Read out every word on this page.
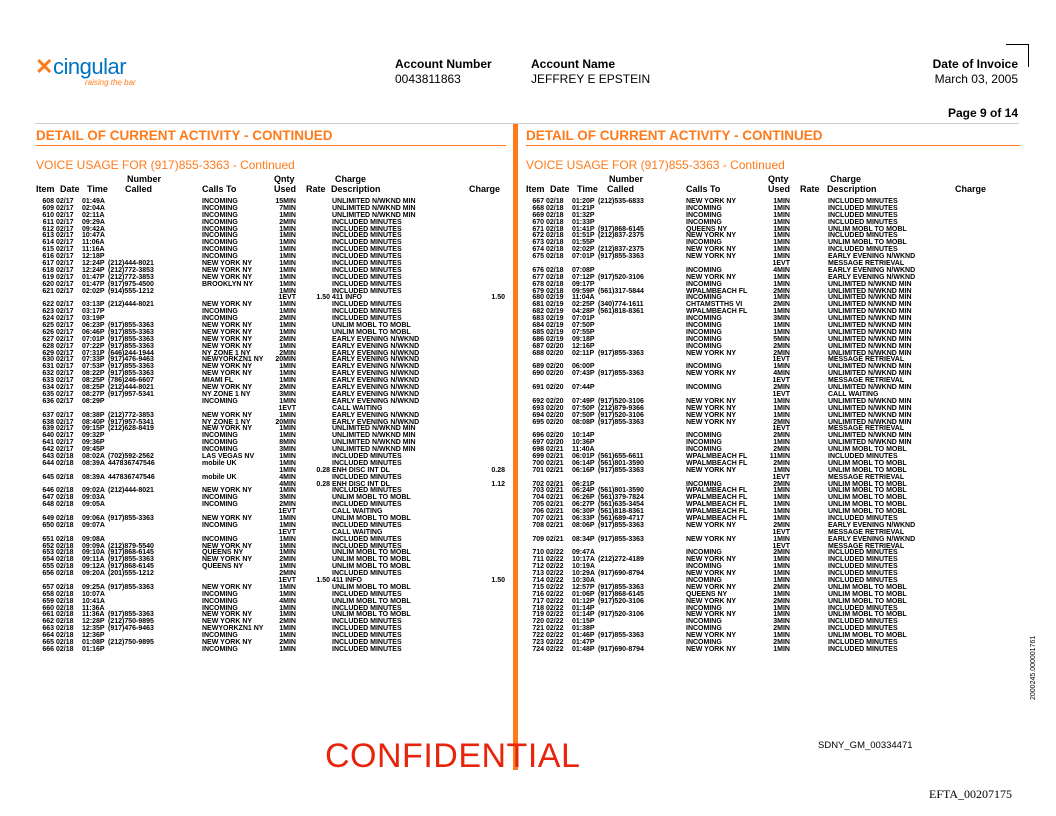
✕ cingular
raising the bar
Account Number
0043811863
Account Name
JEFFREY E EPSTEIN
Date of Invoice
March 03, 2005
Page 9 of 14
DETAIL OF CURRENT ACTIVITY - CONTINUED	DETAIL OF CURRENT ACTIVITY - CONTINUED
VOICE USAGE FOR (917)855-3363 - Continued	VOICE USAGE FOR (917)855-3363 - Continued
Number	Qnty	Charge
Item Date Time Called	Calls To	Used Rate Description	Charge
Number	Qnty	Charge
Item Date Time Called	Calls To	Used Rate Description	Charge
608 02/17 01:49A	INCOMING	15MIN	UNLIMITED N/WKND MIN
609 02/17 02:04A	INCOMING	7MIN	UNLIMITED N/WKND MIN
610 02/17 02:11A	INCOMING	1MIN	UNLIMITED N/WKND MIN
611 02/17 09:29A	INCOMING	2MIN	INCLUDED MINUTES
612 02/17 09:42A	INCOMING	1MIN	INCLUDED MINUTES
613 02/17 10:47A	INCOMING	1MIN	INCLUDED MINUTES
614 02/17 11:06A	INCOMING	1MIN	INCLUDED MINUTES
615 02/17 11:16A	INCOMING	1MIN	INCLUDED MINUTES
616 02/17 12:18P	INCOMING	1MIN	INCLUDED MINUTES
617 02/17 12:24P (212)444-8021	NEW YORK NY	1MIN	INCLUDED MINUTES
618 02/17 12:24P (212)772-3853	NEW YORK NY	1MIN	INCLUDED MINUTES
619 02/17 01:47P (212)772-3853	NEW YORK NY	1MIN	INCLUDED MINUTES
620 02/17 01:47P (917)975-4500	BROOKLYN NY	1MIN	INCLUDED MINUTES
621 02/17 02:02P (914)555-1212	1MIN	INCLUDED MINUTES
1EVT	1.50 411 INFO	1.50
622 02/17 03:13P (212)444-8021	NEW YORK NY	1MIN	INCLUDED MINUTES
623 02/17 03:17P	INCOMING	1MIN	INCLUDED MINUTES
624 02/17 03:19P	INCOMING	2MIN	INCLUDED MINUTES
625 02/17 06:23P (917)855-3363	NEW YORK NY	1MIN	UNLIM MOBL TO MOBL
626 02/17 06:46P (917)855-3363	NEW YORK NY	1MIN	UNLIM MOBL TO MOBL
627 02/17 07:01P (917)855-3363	NEW YORK NY	2MIN	EARLY EVENING N/WKND
628 02/17 07:22P (917)855-3363	NEW YORK NY	1MIN	EARLY EVENING N/WKND
629 02/17 07:31P (646)244-1944	NY ZONE 1 NY	2MIN	EARLY EVENING N/WKND
630 02/17 07:33P (917)476-9463	NEWYORKZN1 NY 20MIN	EARLY EVENING N/WKND
631 02/17 07:53P (917)855-3363	NEW YORK NY	1MIN	EARLY EVENING N/WKND
632 02/17 08:22P (917)855-3363	NEW YORK NY	1MIN	EARLY EVENING N/WKND
633 02/17 08:25P (786)246-6607	MIAMI FL	1MIN	EARLY EVENING N/WKND
634 02/17 08:25P (212)444-8021	NEW YORK NY	2MIN	EARLY EVENING N/WKND
635 02/17 08:27P (917)957-5341	NY ZONE 1 NY	3MIN	EARLY EVENING N/WKND
636 02/17 08:29P	INCOMING	1MIN	EARLY EVENING N/WKND
1EVT	CALL WAITING
637 02/17 08:38P (212)772-3853	NEW YORK NY	1MIN	EARLY EVENING N/WKND
638 02/17 08:40P (917)957-5341	NY ZONE 1 NY	20MIN	EARLY EVENING N/WKND
639 02/17 09:15P (212)628-8419	NEW YORK NY	1MIN	UNLIMITED N/WKND MIN
640 02/17 09:32P	INCOMING	1MIN	UNLIMITED N/WKND MIN
641 02/17 09:36P	INCOMING	8MIN	UNLIMITED N/WKND MIN
642 02/17 09:45P	INCOMING	3MIN	UNLIMITED N/WKND MIN
643 02/18 08:02A (702)592-2562	LAS VEGAS NV	1MIN	INCLUDED MINUTES
644 02/18 08:39A 447836747546	mobile UK	1MIN	INCLUDED MINUTES
1MIN	0.28 ENH DISC INT DL	0.28
645 02/18 08:39A 447836747546	mobile UK	4MIN	INCLUDED MINUTES
4MIN	0.28 ENH DISC INT DL	1.12
646 02/18 09:02A (212)444-8021	NEW YORK NY	1MIN	INCLUDED MINUTES
647 02/18 09:03A	INCOMING	3MIN	UNLIM MOBL TO MOBL
648 02/18 09:05A	INCOMING	2MIN	INCLUDED MINUTES
1EVT	CALL WAITING
649 02/18 09:06A (917)855-3363	NEW YORK NY	1MIN	UNLIM MOBL TO MOBL
650 02/18 09:07A	INCOMING	1MIN	INCLUDED MINUTES
1EVT	CALL WAITING
651 02/18 09:08A	INCOMING	1MIN	INCLUDED MINUTES
652 02/18 09:09A (212)879-5540	NEW YORK NY	1MIN	INCLUDED MINUTES
653 02/18 09:10A (917)868-6145	QUEENS NY	1MIN	UNLIM MOBL TO MOBL
654 02/18 09:11A (917)855-3363	NEW YORK NY	2MIN	UNLIM MOBL TO MOBL
655 02/18 09:12A (917)868-6145	QUEENS NY	1MIN	UNLIM MOBL TO MOBL
656 02/18 09:20A (201)555-1212	2MIN	INCLUDED MINUTES
1EVT	1.50 411 INFO	1.50
657 02/18 09:25A (917)855-3363	NEW YORK NY	1MIN	UNLIM MOBL TO MOBL
658 02/18 10:07A	INCOMING	1MIN	INCLUDED MINUTES
659 02/18 10:41A	INCOMING	4MIN	UNLIM MOBL TO MOBL
660 02/18 11:36A	INCOMING	1MIN	INCLUDED MINUTES
661 02/18 11:36A (917)855-3363	NEW YORK NY	1MIN	UNLIM MOBL TO MOBL
662 02/18 12:28P (212)750-9895	NEW YORK NY	2MIN	INCLUDED MINUTES
663 02/18 12:35P (917)476-9463	NEWYORKZN1 NY 1MIN	INCLUDED MINUTES
664 02/18 12:36P	INCOMING	1MIN	INCLUDED MINUTES
665 02/18 01:08P (212)750-9895	NEW YORK NY	2MIN	INCLUDED MINUTES
666 02/18 01:16P	INCOMING	1MIN	INCLUDED MINUTES
667 02/18 01:20P (212)535-6833	NEW YORK NY	1MIN	INCLUDED MINUTES
668 02/18 01:21P	INCOMING	1MIN	INCLUDED MINUTES
669 02/18 01:32P	INCOMING	1MIN	INCLUDED MINUTES
670 02/18 01:33P	INCOMING	1MIN	INCLUDED MINUTES
671 02/18 01:41P (917)868-6145	QUEENS NY	1MIN	UNLIM MOBL TO MOBL
672 02/18 01:51P (212)837-2375	NEW YORK NY	1MIN	INCLUDED MINUTES
673 02/18 01:55P	INCOMING	1MIN	UNLIM MOBL TO MOBL
674 02/18 02:02P (212)837-2375	NEW YORK NY	1MIN	INCLUDED MINUTES
675 02/18 07:01P (917)855-3363	NEW YORK NY	1MIN	EARLY EVENING N/WKND
1EVT	MESSAGE RETRIEVAL
676 02/18 07:08P	INCOMING	4MIN	EARLY EVENING N/WKND
677 02/18 07:12P (917)520-3106	NEW YORK NY	1MIN	EARLY EVENING N/WKND
678 02/18 09:17P	INCOMING	1MIN	UNLIMITED N/WKND MIN
679 02/18 09:59P (561)317-5844	WPALMBEACH FL	2MIN	UNLIMITED N/WKND MIN
680 02/19 11:04A	INCOMING	1MIN	UNLIMITED N/WKND MIN
681 02/19 02:25P (340)774-1611	CHTAMSTTHS VI	2MIN	UNLIMITED N/WKND MIN
682 02/19 04:28P (561)818-8361	WPALMBEACH FL	1MIN	UNLIMITED N/WKND MIN
683 02/19 07:01P	INCOMING	3MIN	UNLIMITED N/WKND MIN
684 02/19 07:50P	INCOMING	1MIN	UNLIMITED N/WKND MIN
685 02/19 07:55P	INCOMING	1MIN	UNLIMITED N/WKND MIN
686 02/19 09:18P	INCOMING	5MIN	UNLIMITED N/WKND MIN
687 02/20 12:16P	INCOMING	2MIN	UNLIMITED N/WKND MIN
688 02/20 02:11P (917)855-3363	NEW YORK NY	2MIN	UNLIMITED N/WKND MIN
1EVT	MESSAGE RETRIEVAL
689 02/20 06:00P	INCOMING	1MIN	UNLIMITED N/WKND MIN
690 02/20 07:43P (917)855-3363	NEW YORK NY	4MIN	UNLIMITED N/WKND MIN
1EVT	MESSAGE RETRIEVAL
691 02/20 07:44P	INCOMING	2MIN	UNLIMITED N/WKND MIN
1EVT	CALL WAITING
692 02/20 07:49P (917)520-3106	NEW YORK NY	1MIN	UNLIMITED N/WKND MIN
693 02/20 07:50P (212)879-9366	NEW YORK NY	1MIN	UNLIMITED N/WKND MIN
694 02/20 07:50P (917)520-3106	NEW YORK NY	1MIN	UNLIMITED N/WKND MIN
695 02/20 08:08P (917)855-3363	NEW YORK NY	2MIN	UNLIMITED N/WKND MIN
1EVT	MESSAGE RETRIEVAL
696 02/20 10:14P	INCOMING	2MIN	UNLIMITED N/WKND MIN
697 02/20 10:36P	INCOMING	1MIN	UNLIMITED N/WKND MIN
698 02/21 11:40A	INCOMING	2MIN	UNLIM MOBL TO MOBL
699 02/21 06:01P (561)655-6611	WPALMBEACH FL	11MIN	INCLUDED MINUTES
700 02/21 06:14P (561)801-3590	WPALMBEACH FL	2MIN	UNLIM MOBL TO MOBL
701 02/21 06:16P (917)855-3363	NEW YORK NY	1MIN	UNLIM MOBL TO MOBL
1EVT	MESSAGE RETRIEVAL
702 02/21 06:21P	INCOMING	2MIN	UNLIM MOBL TO MOBL
703 02/21 06:24P (561)801-3590	WPALMBEACH FL	1MIN	UNLIM MOBL TO MOBL
704 02/21 06:26P (561)379-7824	WPALMBEACH FL	1MIN	UNLIM MOBL TO MOBL
705 02/21 06:27P (561)635-3454	WPALMBEACH FL	1MIN	UNLIM MOBL TO MOBL
706 02/21 06:30P (561)818-8361	WPALMBEACH FL	1MIN	UNLIM MOBL TO MOBL
707 02/21 06:33P (561)689-4717	WPALMBEACH FL	1MIN	INCLUDED MINUTES
708 02/21 08:06P (917)855-3363	NEW YORK NY	2MIN	EARLY EVENING N/WKND
1EVT	MESSAGE RETRIEVAL
709 02/21 08:34P (917)855-3363	NEW YORK NY	1MIN	EARLY EVENING N/WKND
1EVT	MESSAGE RETRIEVAL
710 02/22 09:47A	INCOMING	2MIN	INCLUDED MINUTES
711 02/22 10:17A (212)272-4189	NEW YORK NY	1MIN	INCLUDED MINUTES
712 02/22 10:19A	INCOMING	1MIN	INCLUDED MINUTES
713 02/22 10:29A (917)690-8794	NEW YORK NY	1MIN	INCLUDED MINUTES
714 02/22 10:30A	INCOMING	1MIN	INCLUDED MINUTES
715 02/22 12:57P (917)855-3363	NEW YORK NY	2MIN	UNLIM MOBL TO MOBL
716 02/22 01:06P (917)868-6145	QUEENS NY	1MIN	UNLIM MOBL TO MOBL
717 02/22 01:12P (917)520-3106	NEW YORK NY	2MIN	UNLIM MOBL TO MOBL
718 02/22 01:14P	INCOMING	1MIN	INCLUDED MINUTES
719 02/22 01:14P (917)520-3106	NEW YORK NY	1MIN	UNLIM MOBL TO MOBL
720 02/22 01:15P	INCOMING	3MIN	INCLUDED MINUTES
721 02/22 01:38P	INCOMING	2MIN	INCLUDED MINUTES
722 02/22 01:46P (917)855-3363	NEW YORK NY	1MIN	UNLIM MOBL TO MOBL
723 02/22 01:47P	INCOMING	2MIN	INCLUDED MINUTES
724 02/22 01:48P (917)690-8794	NEW YORK NY	1MIN	INCLUDED MINUTES
CONFIDENTIAL	SDNY_GM_00334471
EFTA_00207175
2000245.000001761
